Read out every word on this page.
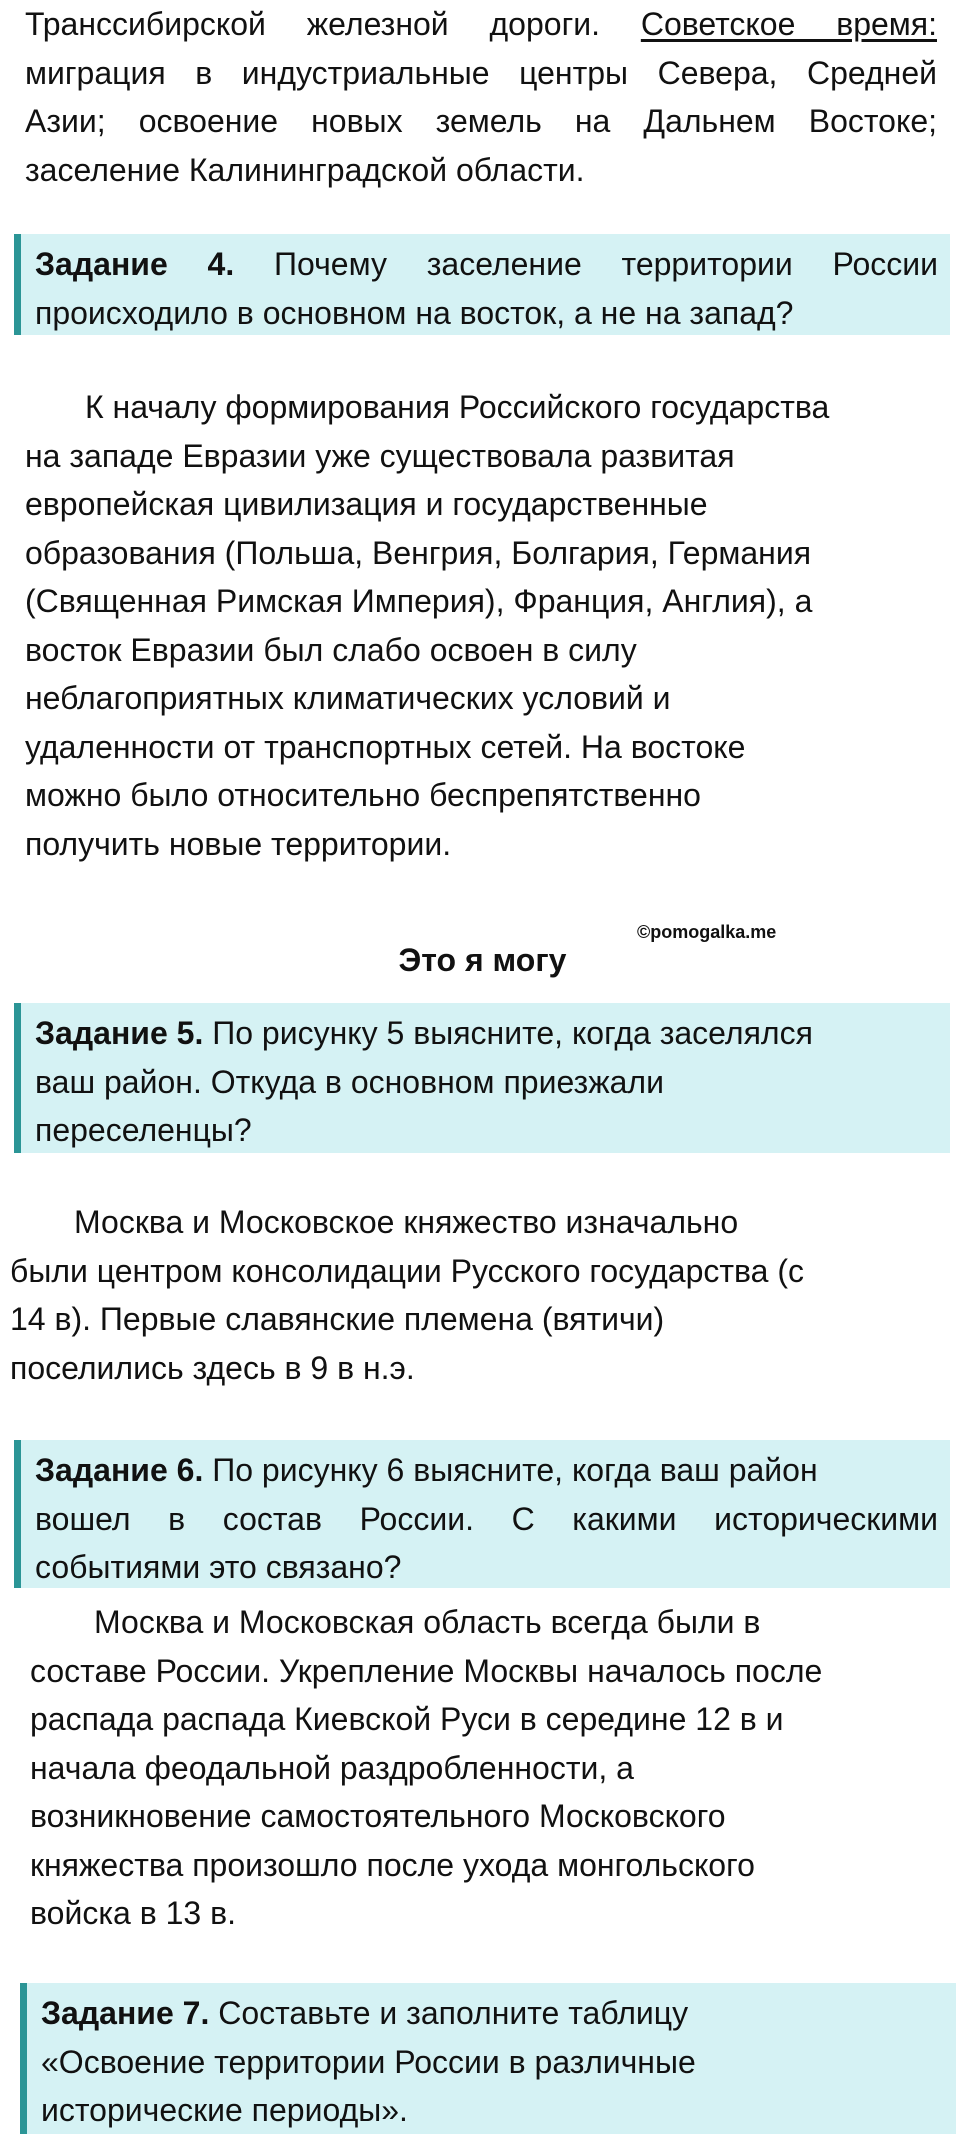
Транссибирской железной дороги. Советское время:
миграция в индустриальные центры Севера, Средней
Азии; освоение новых земель на Дальнем Востоке;
заселение Калининградской области.
Задание 4. Почему заселение территории России
происходило в основном на восток, а не на запад?
К началу формирования Российского государства
на западе Евразии уже существовала развитая
европейская цивилизация и государственные
образования (Польша, Венгрия, Болгария, Германия
(Священная Римская Империя), Франция, Англия), а
восток Евразии был слабо освоен в силу
неблагоприятных климатических условий и
удаленности от транспортных сетей. На востоке
можно было относительно беспрепятственно
получить новые территории.
©pomogalka.me
Это я могу
Задание 5. По рисунку 5 выясните, когда заселялся
ваш район. Откуда в основном приезжали
переселенцы?
Москва и Московское княжество изначально
были центром консолидации Русского государства (с
14 в). Первые славянские племена (вятичи)
поселились здесь в 9 в н.э.
Задание 6. По рисунку 6 выясните, когда ваш район
вошел в состав России. С какими историческими
событиями это связано?
Москва и Московская область всегда были в
составе России. Укрепление Москвы началось после
распада распада Киевской Руси в середине 12 в и
начала феодальной раздробленности, а
возникновение самостоятельного Московского
княжества произошло после ухода монгольского
войска в 13 в.
Задание 7. Составьте и заполните таблицу
«Освоение территории России в различные
исторические периоды».
